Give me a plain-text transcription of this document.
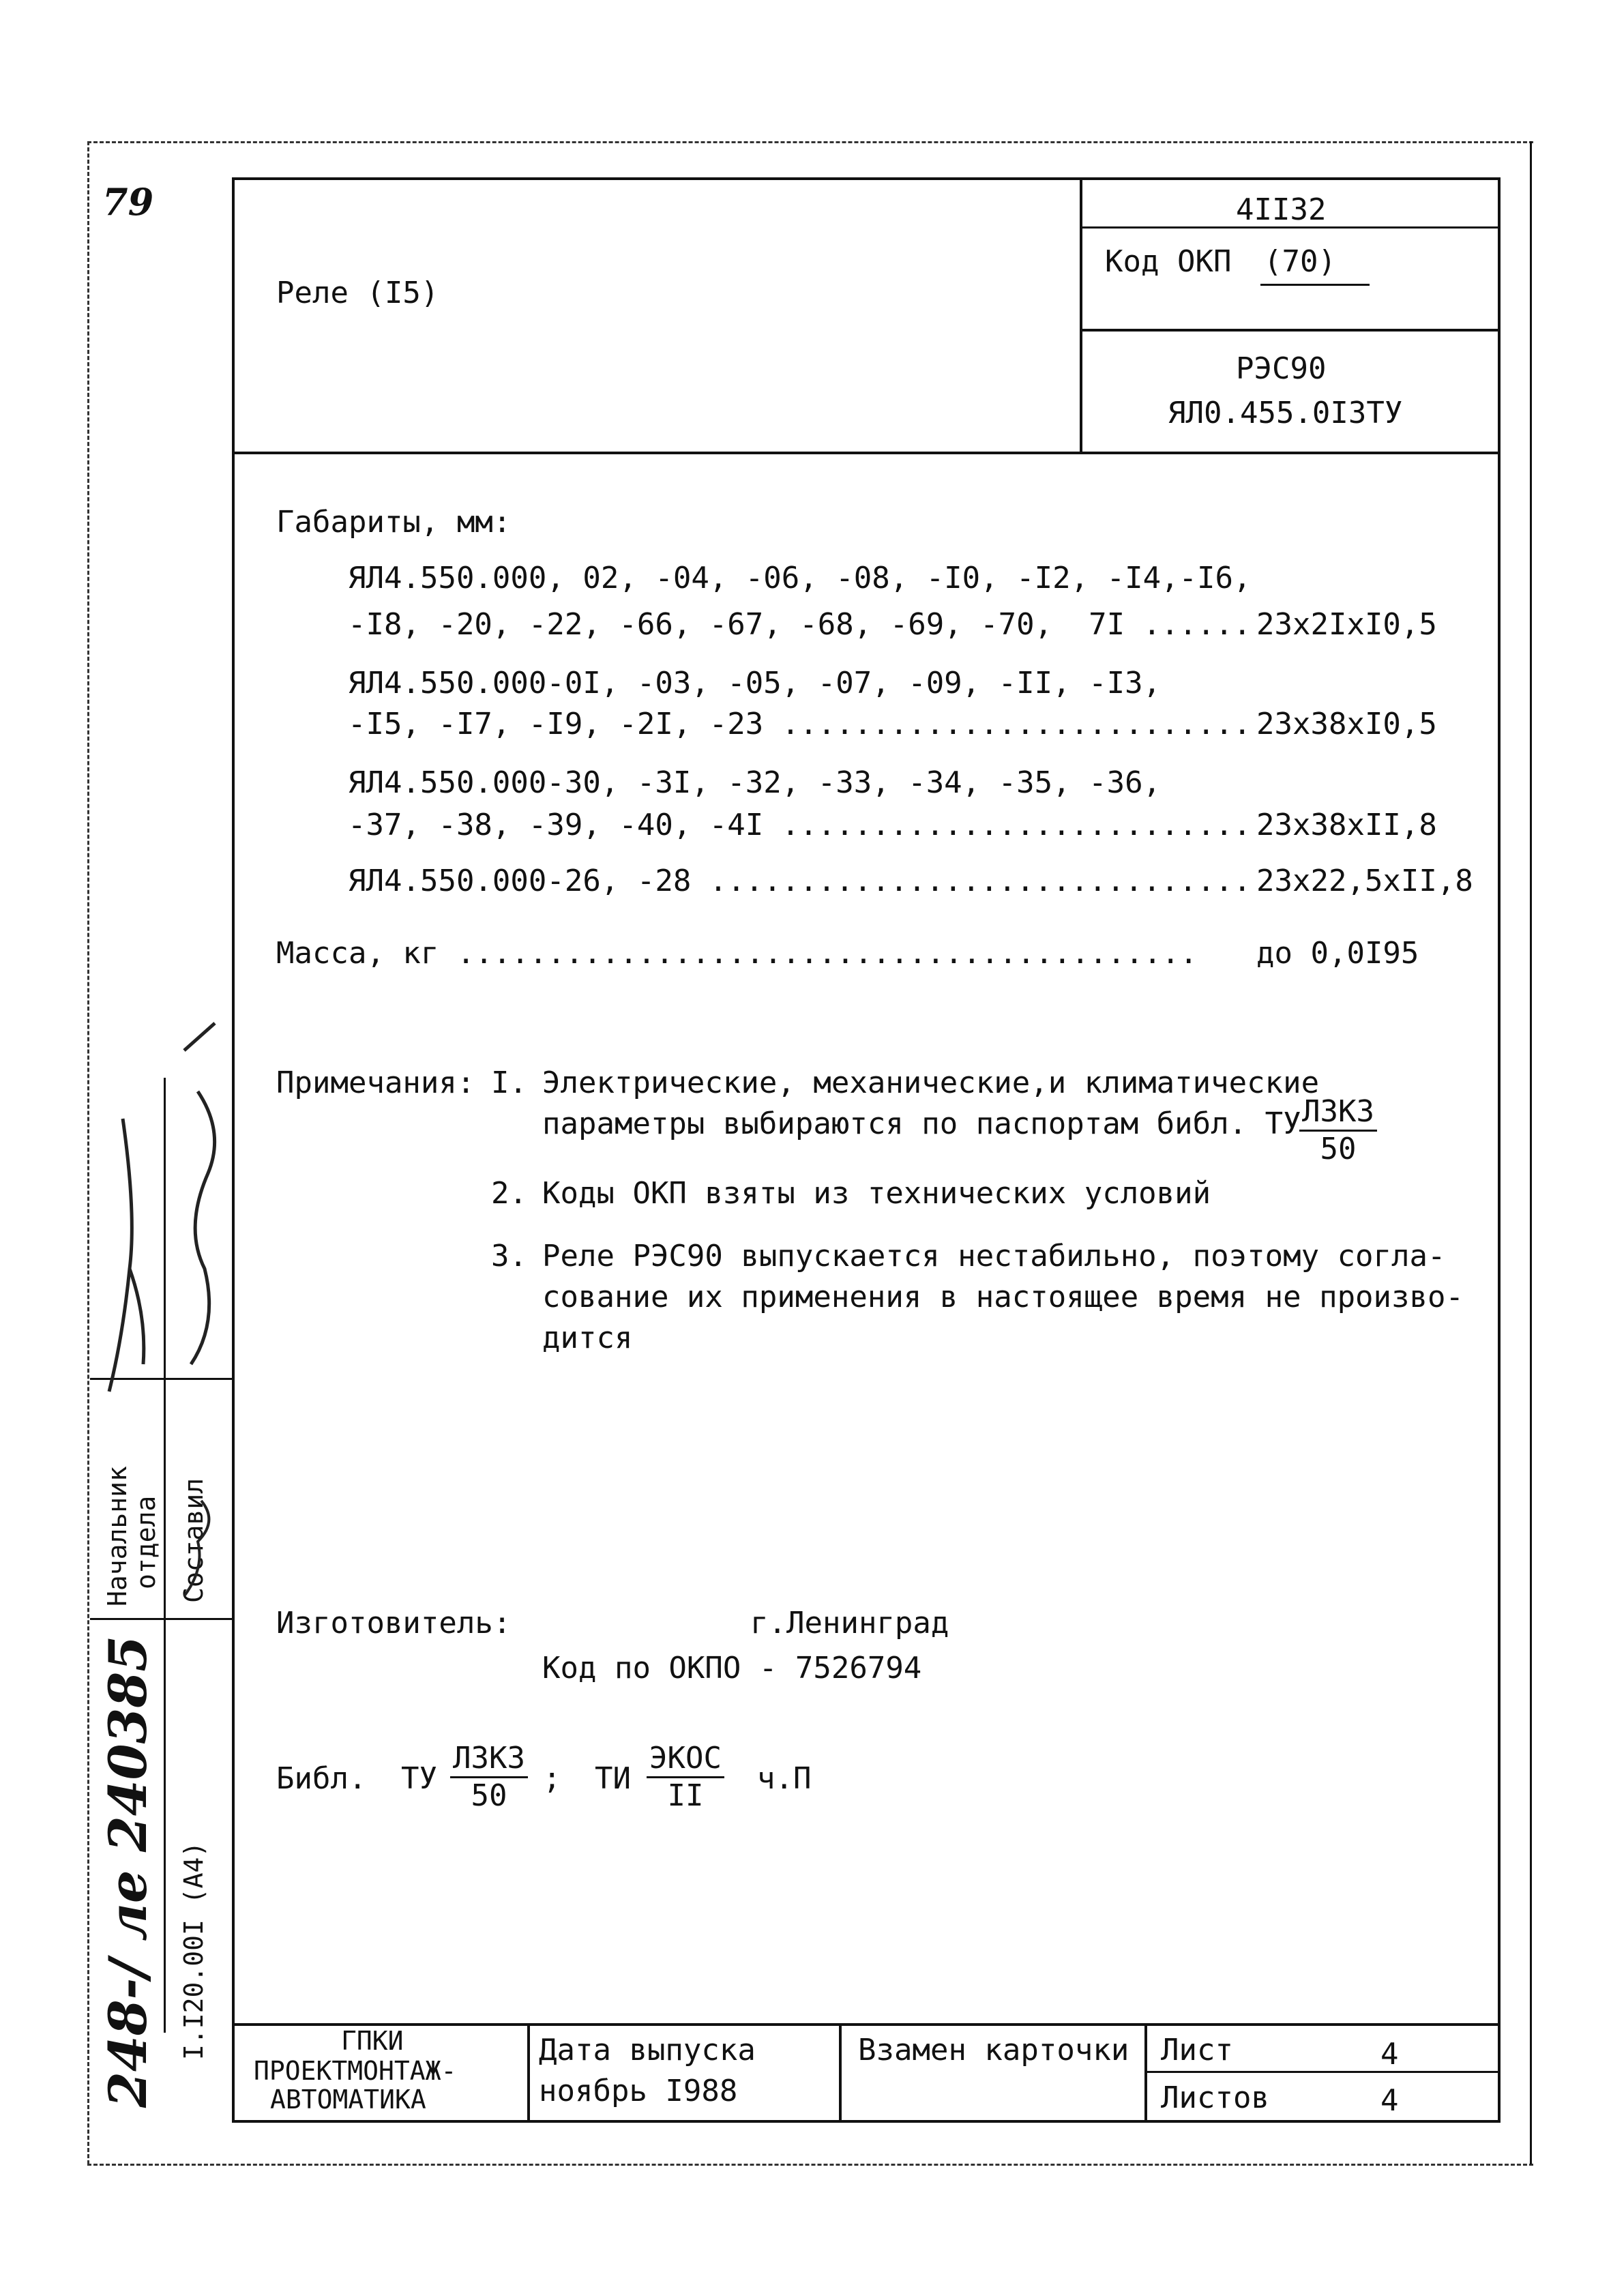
79
Реле (I5)
4II32
Код ОКП (70)
РЭС90
ЯЛ0.455.0I3ТУ
Габариты, мм:
ЯЛ4.550.000, 02, -04, -06, -08, -I0, -I2, -I4,-I6,
-I8, -20, -22, -66, -67, -68, -69, -70,  7I ...... 23x2IxI0,5
ЯЛ4.550.000-0I, -03, -05, -07, -09, -II, -I3,
-I5, -I7, -I9, -2I, -23 .......................... 23x38xI0,5
ЯЛ4.550.000-30, -3I, -32, -33, -34, -35, -36,
-37, -38, -39, -40, -4I .......................... 23x38xII,8
ЯЛ4.550.000-26, -28 .............................. 23x22,5xII,8
Масса, кг ......................................... до 0,0I95
Примечания: I. Электрические, механические,и климатические
параметры выбираются по паспортам библ. ТУ ЛЗКЗ
50
2. Коды ОКП взяты из технических условий
3. Реле РЭС90 выпускается нестабильно, поэтому согла-
сование их применения в настоящее время не произво-
дится
Изготовитель:	г.Ленинград
Код по ОКПО - 7526794
Библ. ТУ
ЛЗКЗ
50 ; ТИ
ЭКОС
II ч.П
ГПКИ
ПРОЕКТМОНТАЖ-
АВТОМАТИКА
Дата выпуска
ноябрь I988
Взамен карточки Лист	4
Листов	4
Начальник
отдела Составил
I.I20.00I (A4)
248-/ ле 240385
